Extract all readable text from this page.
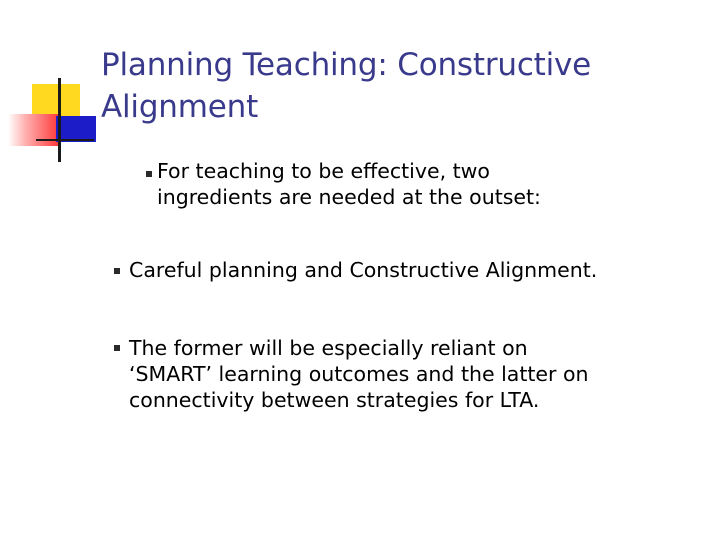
Planning Teaching: Constructive
Alignment

For teaching to be effective, two
ingredients are needed at the outset:

Careful planning and Constructive Alignment.

The former will be especially reliant on
‘SMART’ learning outcomes and the latter on
connectivity between strategies for LTA.
